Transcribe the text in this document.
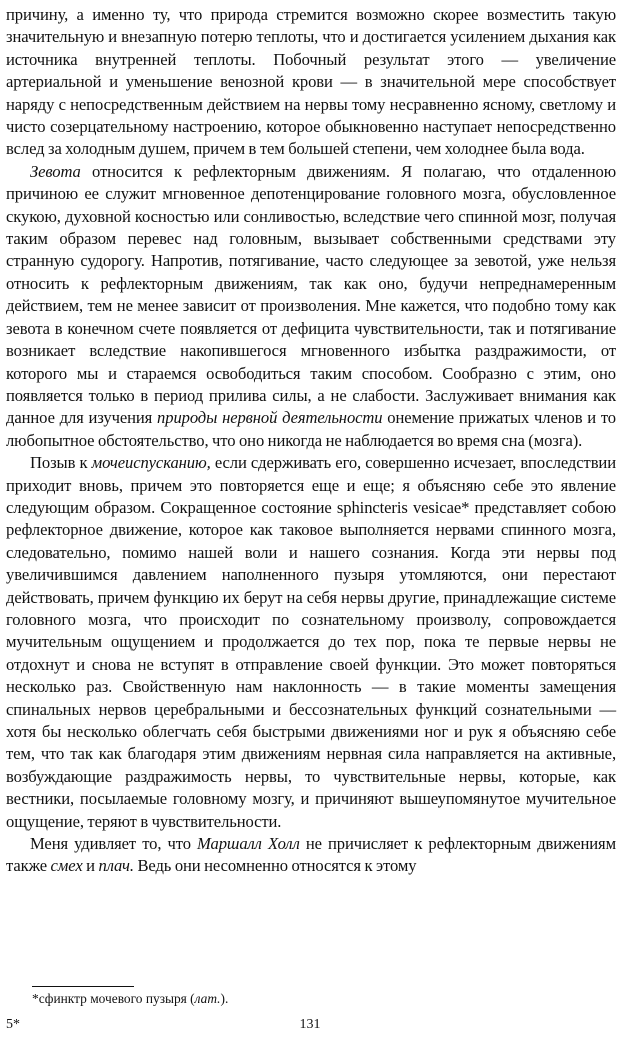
причину, а именно ту, что природа стремится возможно скорее возместить такую значительную и внезапную потерю теплоты, что и достигается усилением дыхания как источника внутренней теплоты. Побочный результат этого — увеличение артериальной и уменьшение венозной крови — в значительной мере способствует наряду с непосредственным действием на нервы тому несравненно ясному, светлому и чисто созерцательному настроению, которое обыкновенно наступает непосредственно вслед за холодным душем, причем в тем большей степени, чем холоднее была вода.

Зевота относится к рефлекторным движениям. Я полагаю, что отдаленною причиною ее служит мгновенное депотенцирование головного мозга, обусловленное скукою, духовной косностью или сонливостью, вследствие чего спинной мозг, получая таким образом перевес над головным, вызывает собственными средствами эту странную судорогу. Напротив, потягивание, часто следующее за зевотой, уже нельзя относить к рефлекторным движениям, так как оно, будучи непреднамеренным действием, тем не менее зависит от произволения. Мне кажется, что подобно тому как зевота в конечном счете появляется от дефицита чувствительности, так и потягивание возникает вследствие накопившегося мгновенного избытка раздражимости, от которого мы и стараемся освободиться таким способом. Сообразно с этим, оно появляется только в период прилива силы, а не слабости. Заслуживает внимания как данное для изучения природы нервной деятельности онемение прижатых членов и то любопытное обстоятельство, что оно никогда не наблюдается во время сна (мозга).

Позыв к мочеиспусканию, если сдерживать его, совершенно исчезает, впоследствии приходит вновь, причем это повторяется еще и еще; я объясняю себе это явление следующим образом. Сокращенное состояние sphincteris vesicae* представляет собою рефлекторное движение, которое как таковое выполняется нервами спинного мозга, следовательно, помимо нашей воли и нашего сознания. Когда эти нервы под увеличившимся давлением наполненного пузыря утомляются, они перестают действовать, причем функцию их берут на себя нервы другие, принадлежащие системе головного мозга, что происходит по сознательному произволу, сопровождается мучительным ощущением и продолжается до тех пор, пока те первые нервы не отдохнут и снова не вступят в отправление своей функции. Это может повторяться несколько раз. Свойственную нам наклонность — в такие моменты замещения спинальных нервов церебральными и бессознательных функций сознательными — хотя бы несколько облегчать себя быстрыми движениями ног и рук я объясняю себе тем, что так как благодаря этим движениям нервная сила направляется на активные, возбуждающие раздражимость нервы, то чувствительные нервы, которые, как вестники, посылаемые головному мозгу, и причиняют вышеупомянутое мучительное ощущение, теряют в чувствительности.

Меня удивляет то, что Маршалл Холл не причисляет к рефлекторным движениям также смех и плач. Ведь они несомненно относятся к этому

*сфинктр мочевого пузыря (лат.).
5*	131
